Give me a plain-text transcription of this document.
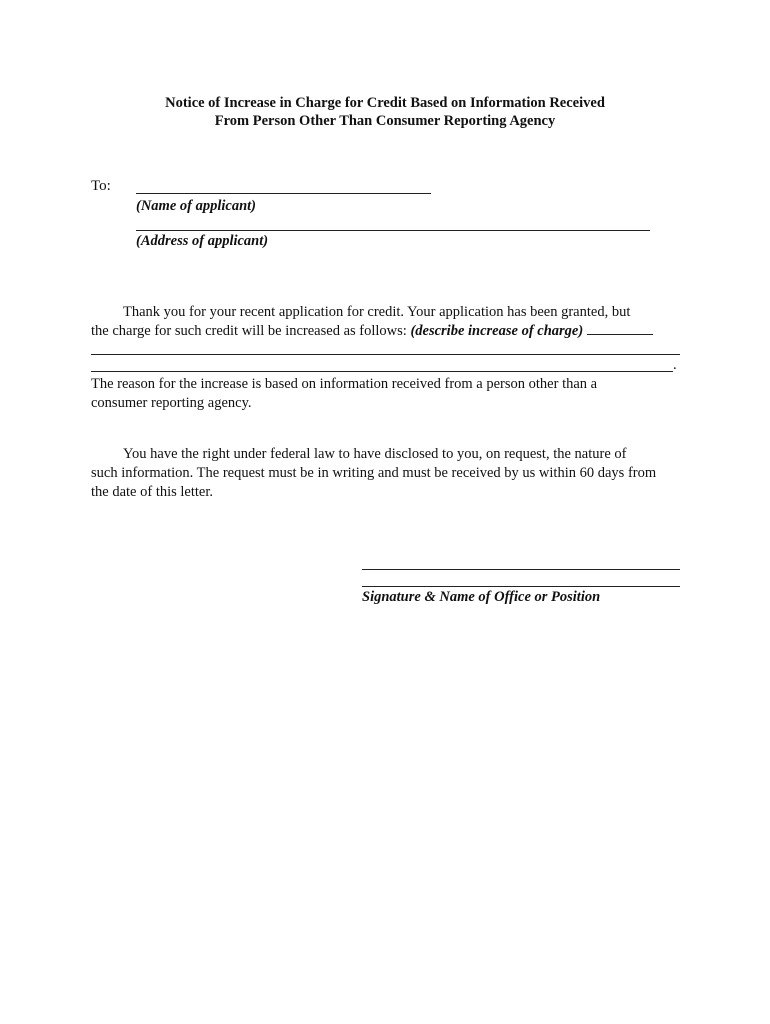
Notice of Increase in Charge for Credit Based on Information Received
From Person Other Than Consumer Reporting Agency
To:
(Name of applicant)
(Address of applicant)
Thank you for your recent application for credit. Your application has been granted, but
the charge for such credit will be increased as follows: (describe increase of charge)
.
The reason for the increase is based on information received from a person other than a
consumer reporting agency.
You have the right under federal law to have disclosed to you, on request, the nature of
such information. The request must be in writing and must be received by us within 60 days from
the date of this letter.
Signature & Name of Office or Position
